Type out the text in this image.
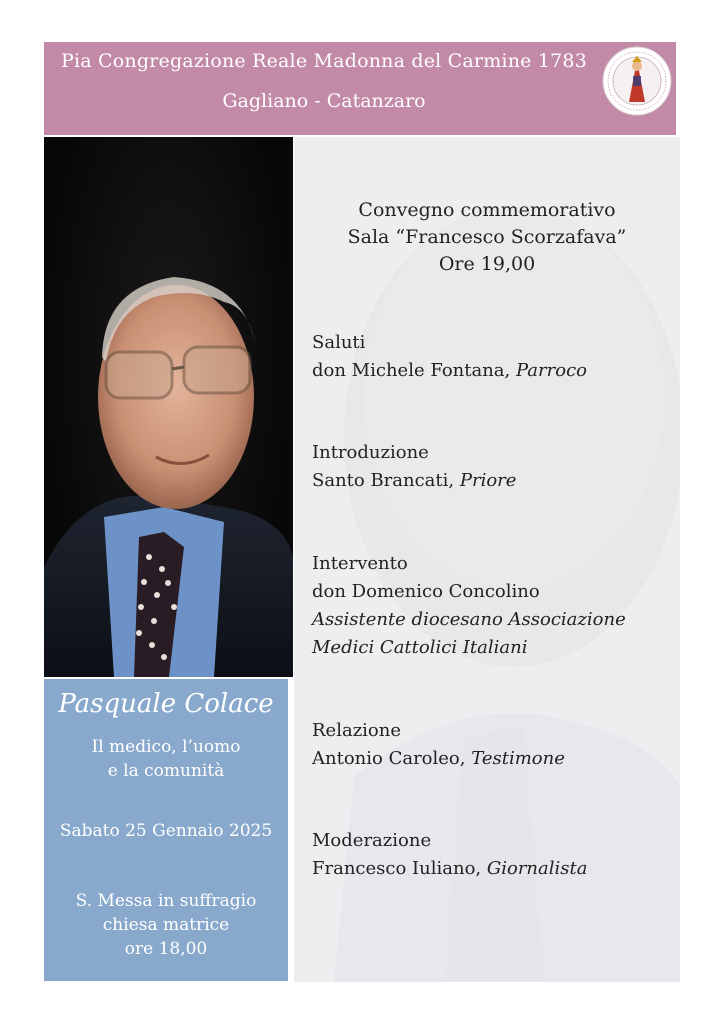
Pia Congregazione Reale Madonna del Carmine 1783
Gagliano - Catanzaro
Convegno commemorativo
Sala “Francesco Scorzafava”
Ore 19,00
Saluti
don Michele Fontana, Parroco
Introduzione
Santo Brancati, Priore
Intervento
don Domenico Concolino
Assistente diocesano Associazione
Medici Cattolici Italiani
Relazione
Antonio Caroleo, Testimone
Moderazione
Francesco Iuliano, Giornalista
Pasquale Colace
Il medico, l’uomo
e la comunità
Sabato 25 Gennaio 2025
S. Messa in suffragio
chiesa matrice
ore 18,00
